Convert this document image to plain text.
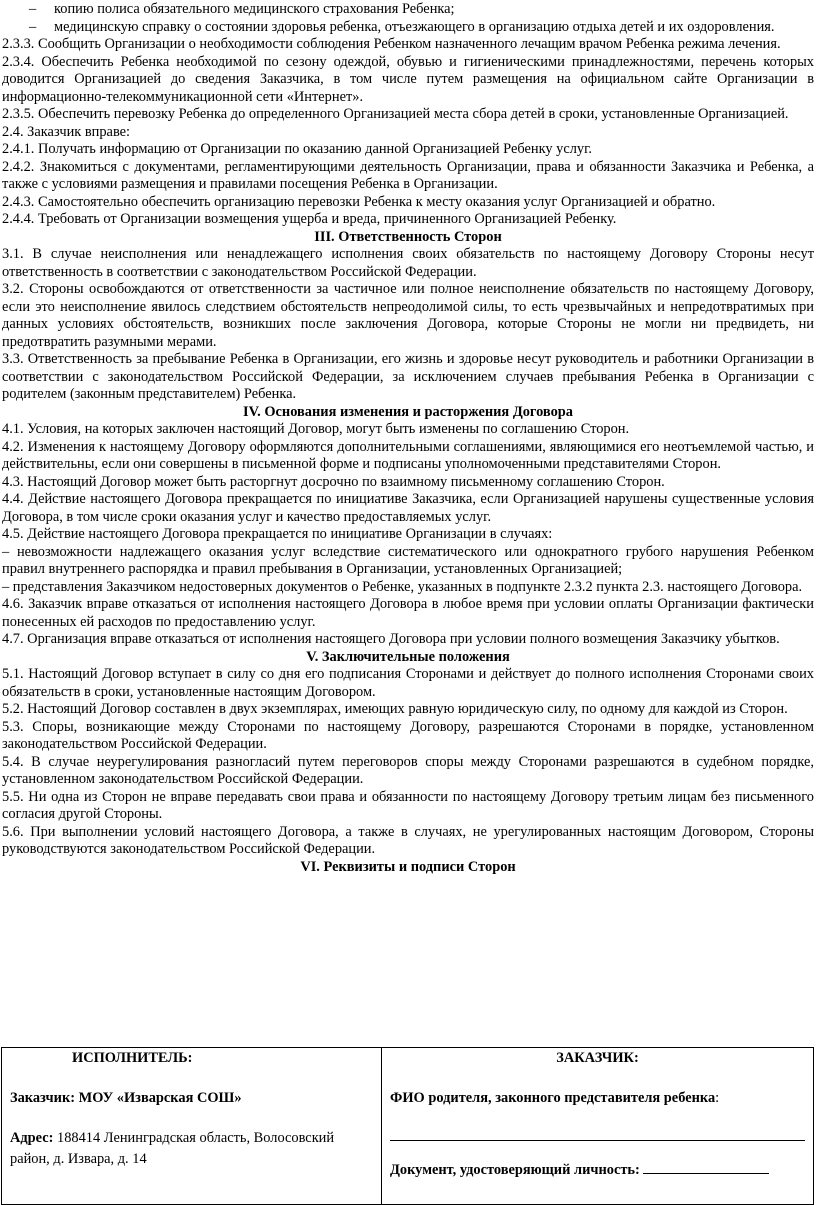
– копию полиса обязательного медицинского страхования Ребенка;
– медицинскую справку о состоянии здоровья ребенка, отъезжающего в организацию отдыха детей и их оздоровления.

2.3.3. Сообщить Организации о необходимости соблюдения Ребенком назначенного лечащим врачом Ребенка режима лечения.

2.3.4. Обеспечить Ребенка необходимой по сезону одеждой, обувью и гигиеническими принадлежностями, перечень которых доводится Организацией до сведения Заказчика, в том числе путем размещения на официальном сайте Организации в информационно-телекоммуникационной сети «Интернет».

2.3.5. Обеспечить перевозку Ребенка до определенного Организацией места сбора детей в сроки, установленные Организацией.

2.4. Заказчик вправе:

2.4.1. Получать информацию от Организации по оказанию данной Организацией Ребенку услуг.

2.4.2. Знакомиться с документами, регламентирующими деятельность Организации, права и обязанности Заказчика и Ребенка, а также с условиями размещения и правилами посещения Ребенка в Организации.

2.4.3. Самостоятельно обеспечить организацию перевозки Ребенка к месту оказания услуг Организацией и обратно.

2.4.4. Требовать от Организации возмещения ущерба и вреда, причиненного Организацией Ребенку.

III. Ответственность Сторон

3.1. В случае неисполнения или ненадлежащего исполнения своих обязательств по настоящему Договору Стороны несут ответственность в соответствии с законодательством Российской Федерации.

3.2. Стороны освобождаются от ответственности за частичное или полное неисполнение обязательств по настоящему Договору, если это неисполнение явилось следствием обстоятельств непреодолимой силы, то есть чрезвычайных и непредотвратимых при данных условиях обстоятельств, возникших после заключения Договора, которые Стороны не могли ни предвидеть, ни предотвратить разумными мерами.

3.3. Ответственность за пребывание Ребенка в Организации, его жизнь и здоровье несут руководитель и работники Организации в соответствии с законодательством Российской Федерации, за исключением случаев пребывания Ребенка в Организации с родителем (законным представителем) Ребенка.

IV. Основания изменения и расторжения Договора

4.1. Условия, на которых заключен настоящий Договор, могут быть изменены по соглашению Сторон.

4.2. Изменения к настоящему Договору оформляются дополнительными соглашениями, являющимися его неотъемлемой частью, и действительны, если они совершены в письменной форме и подписаны уполномоченными представителями Сторон.

4.3. Настоящий Договор может быть расторгнут досрочно по взаимному письменному соглашению Сторон.

4.4. Действие настоящего Договора прекращается по инициативе Заказчика, если Организацией нарушены существенные условия Договора, в том числе сроки оказания услуг и качество предоставляемых услуг.

4.5. Действие настоящего Договора прекращается по инициативе Организации в случаях:

– невозможности надлежащего оказания услуг вследствие систематического или однократного грубого нарушения Ребенком правил внутреннего распорядка и правил пребывания в Организации, установленных Организацией;

– представления Заказчиком недостоверных документов о Ребенке, указанных в подпункте 2.3.2 пункта 2.3. настоящего Договора.

4.6. Заказчик вправе отказаться от исполнения настоящего Договора в любое время при условии оплаты Организации фактически понесенных ей расходов по предоставлению услуг.

4.7. Организация вправе отказаться от исполнения настоящего Договора при условии полного возмещения Заказчику убытков.

V. Заключительные положения

5.1. Настоящий Договор вступает в силу со дня его подписания Сторонами и действует до полного исполнения Сторонами своих обязательств в сроки, установленные настоящим Договором.

5.2. Настоящий Договор составлен в двух экземплярах, имеющих равную юридическую силу, по одному для каждой из Сторон.

5.3. Споры, возникающие между Сторонами по настоящему Договору, разрешаются Сторонами в порядке, установленном законодательством Российской Федерации.

5.4. В случае неурегулирования разногласий путем переговоров споры между Сторонами разрешаются в судебном порядке, установленном законодательством Российской Федерации.

5.5. Ни одна из Сторон не вправе передавать свои права и обязанности по настоящему Договору третьим лицам без письменного согласия другой Стороны.

5.6. При выполнении условий настоящего Договора, а также в случаях, не урегулированных настоящим Договором, Стороны руководствуются законодательством Российской Федерации.

VI. Реквизиты и подписи Сторон

ИСПОЛНИТЕЛЬ:

Заказчик: МОУ «Изварская СОШ»
Адрес: 188414 Ленинградская область, Волосовский район, д. Извара, д. 14

ЗАКАЗЧИК:

ФИО родителя, законного представителя ребенка:
Документ, удостоверяющий личность:
